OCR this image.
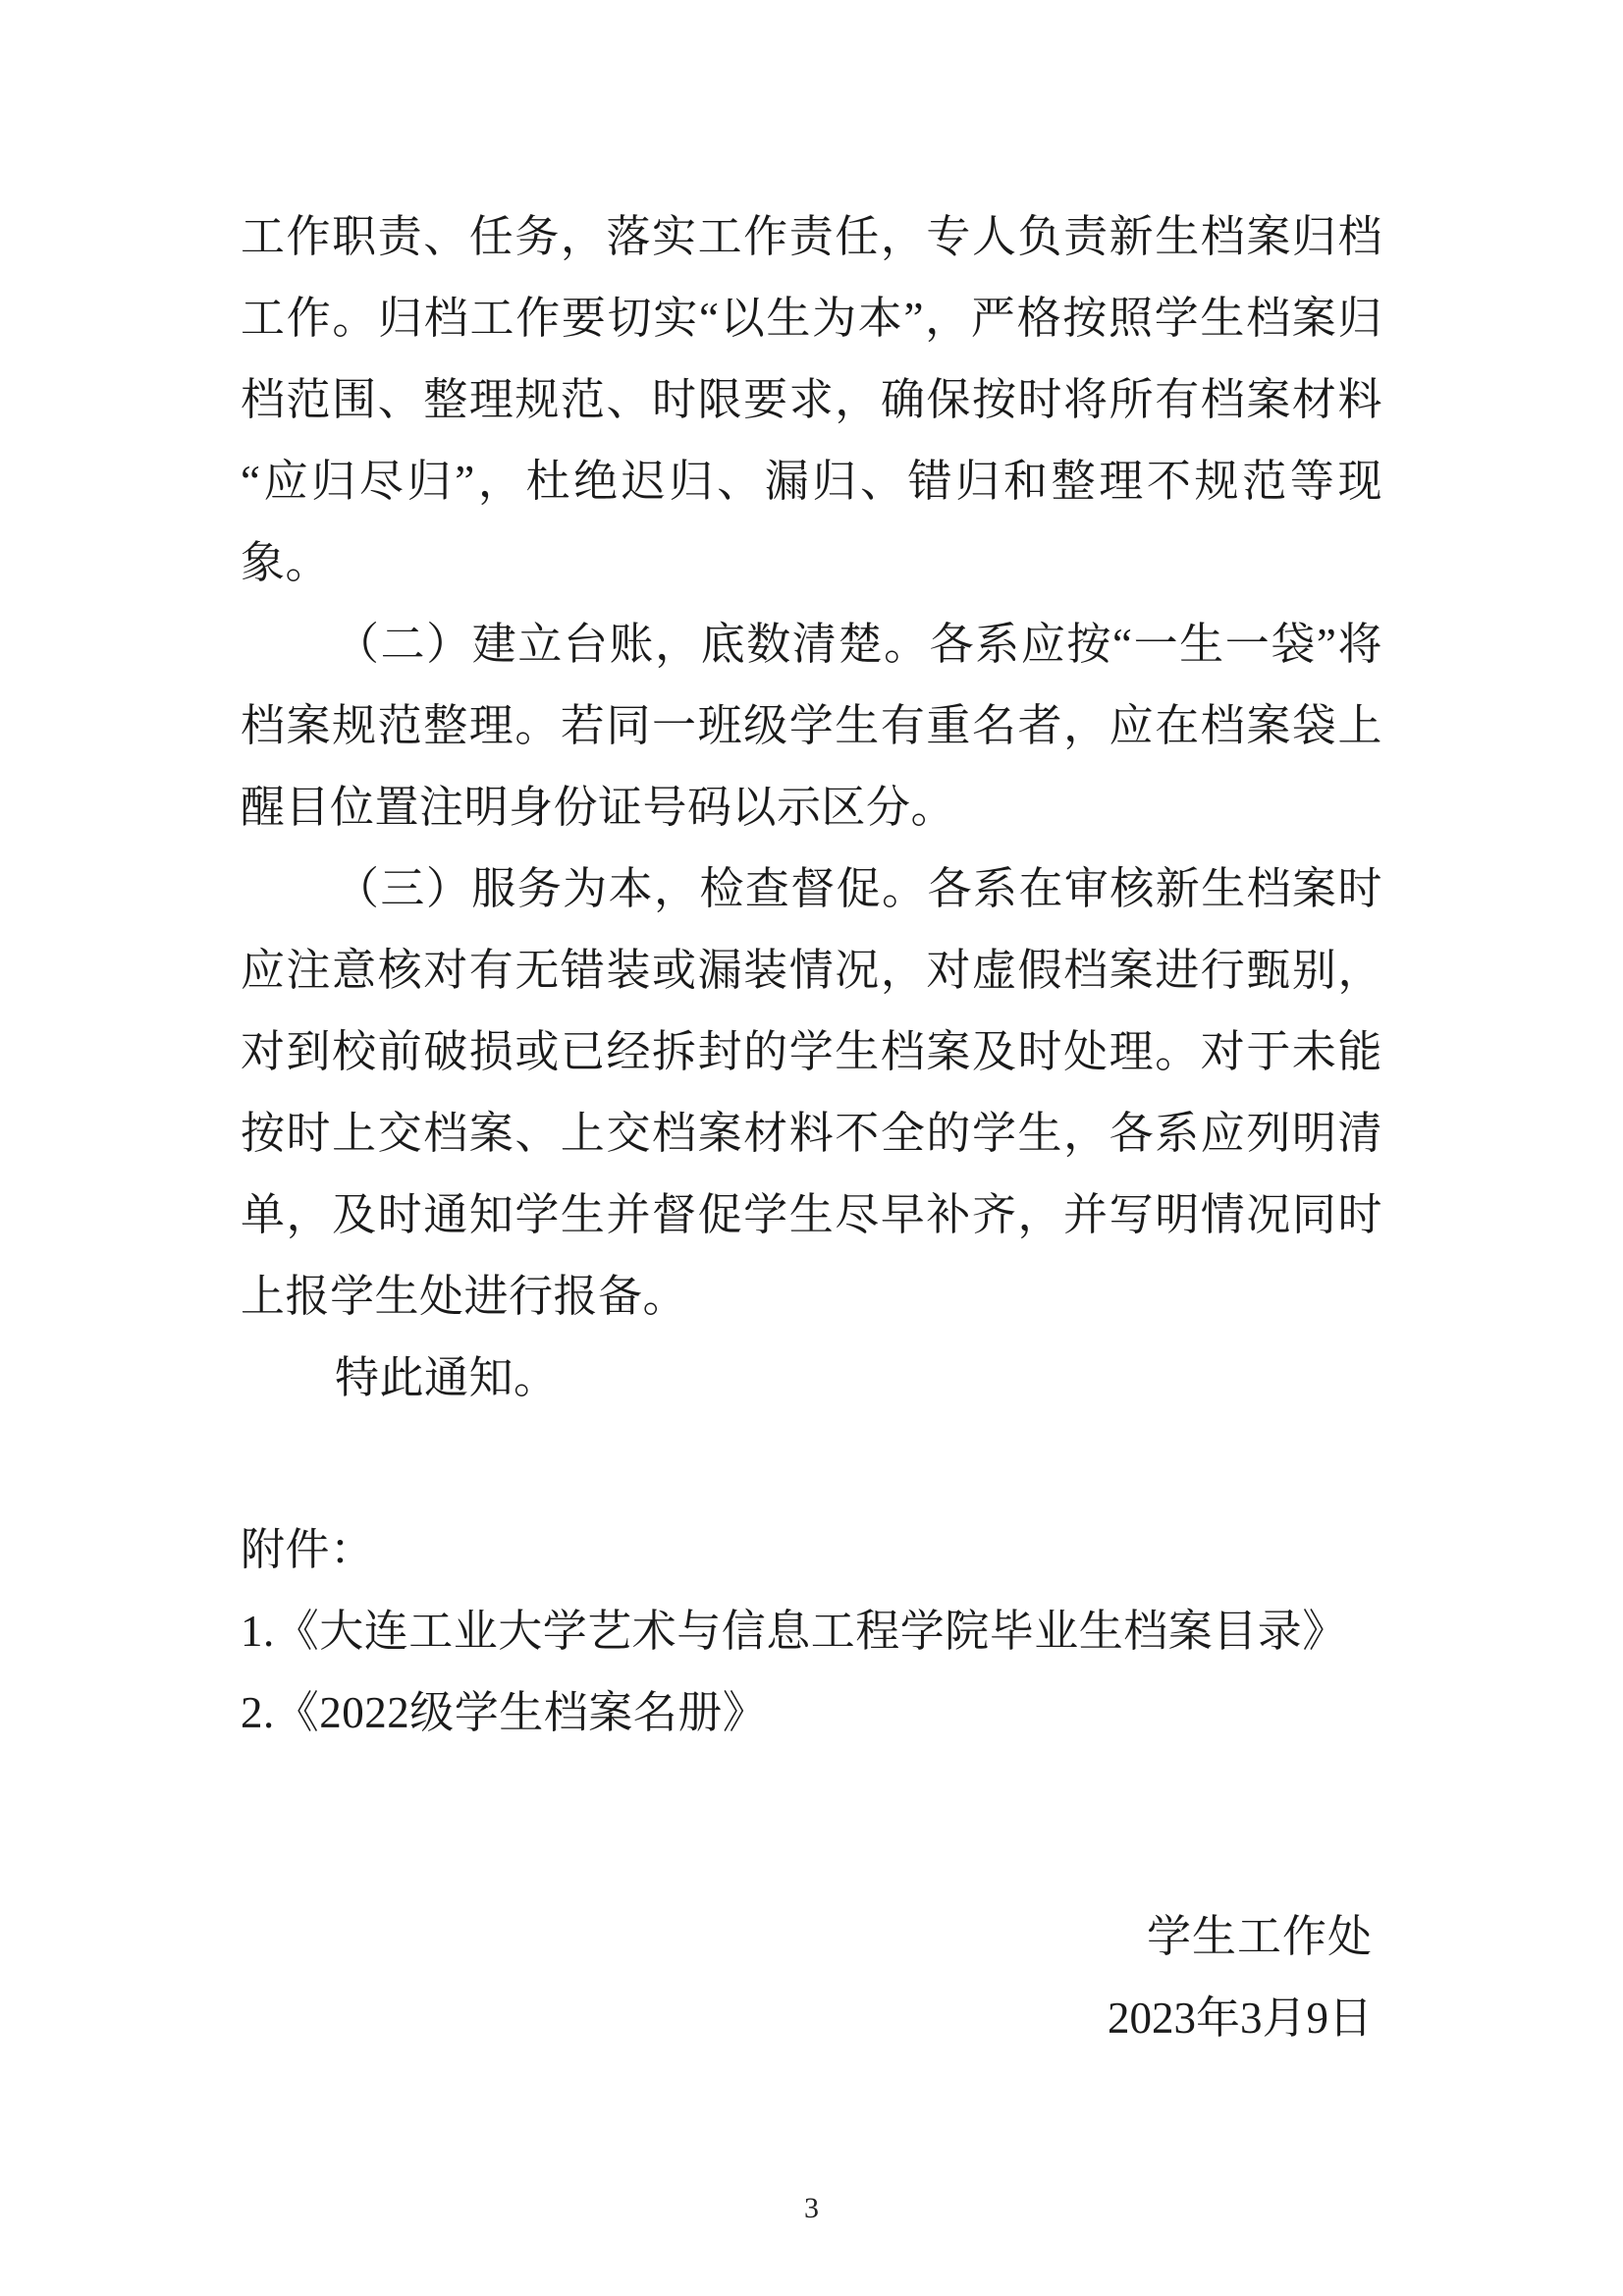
工作职责、任务，落实工作责任，专人负责新生档案归档工作。归档工作要切实“以生为本”，严格按照学生档案归档范围、整理规范、时限要求，确保按时将所有档案材料“应归尽归”，杜绝迟归、漏归、错归和整理不规范等现象。

（二）建立台账，底数清楚。各系应按“一生一袋”将档案规范整理。若同一班级学生有重名者，应在档案袋上醒目位置注明身份证号码以示区分。

（三）服务为本，检查督促。各系在审核新生档案时应注意核对有无错装或漏装情况，对虚假档案进行甄别，对到校前破损或已经拆封的学生档案及时处理。对于未能按时上交档案、上交档案材料不全的学生，各系应列明清单，及时通知学生并督促学生尽早补齐，并写明情况同时上报学生处进行报备。

特此通知。

附件：
1.《大连工业大学艺术与信息工程学院毕业生档案目录》
2.《2022级学生档案名册》
学生工作处
2023年3月9日
3
